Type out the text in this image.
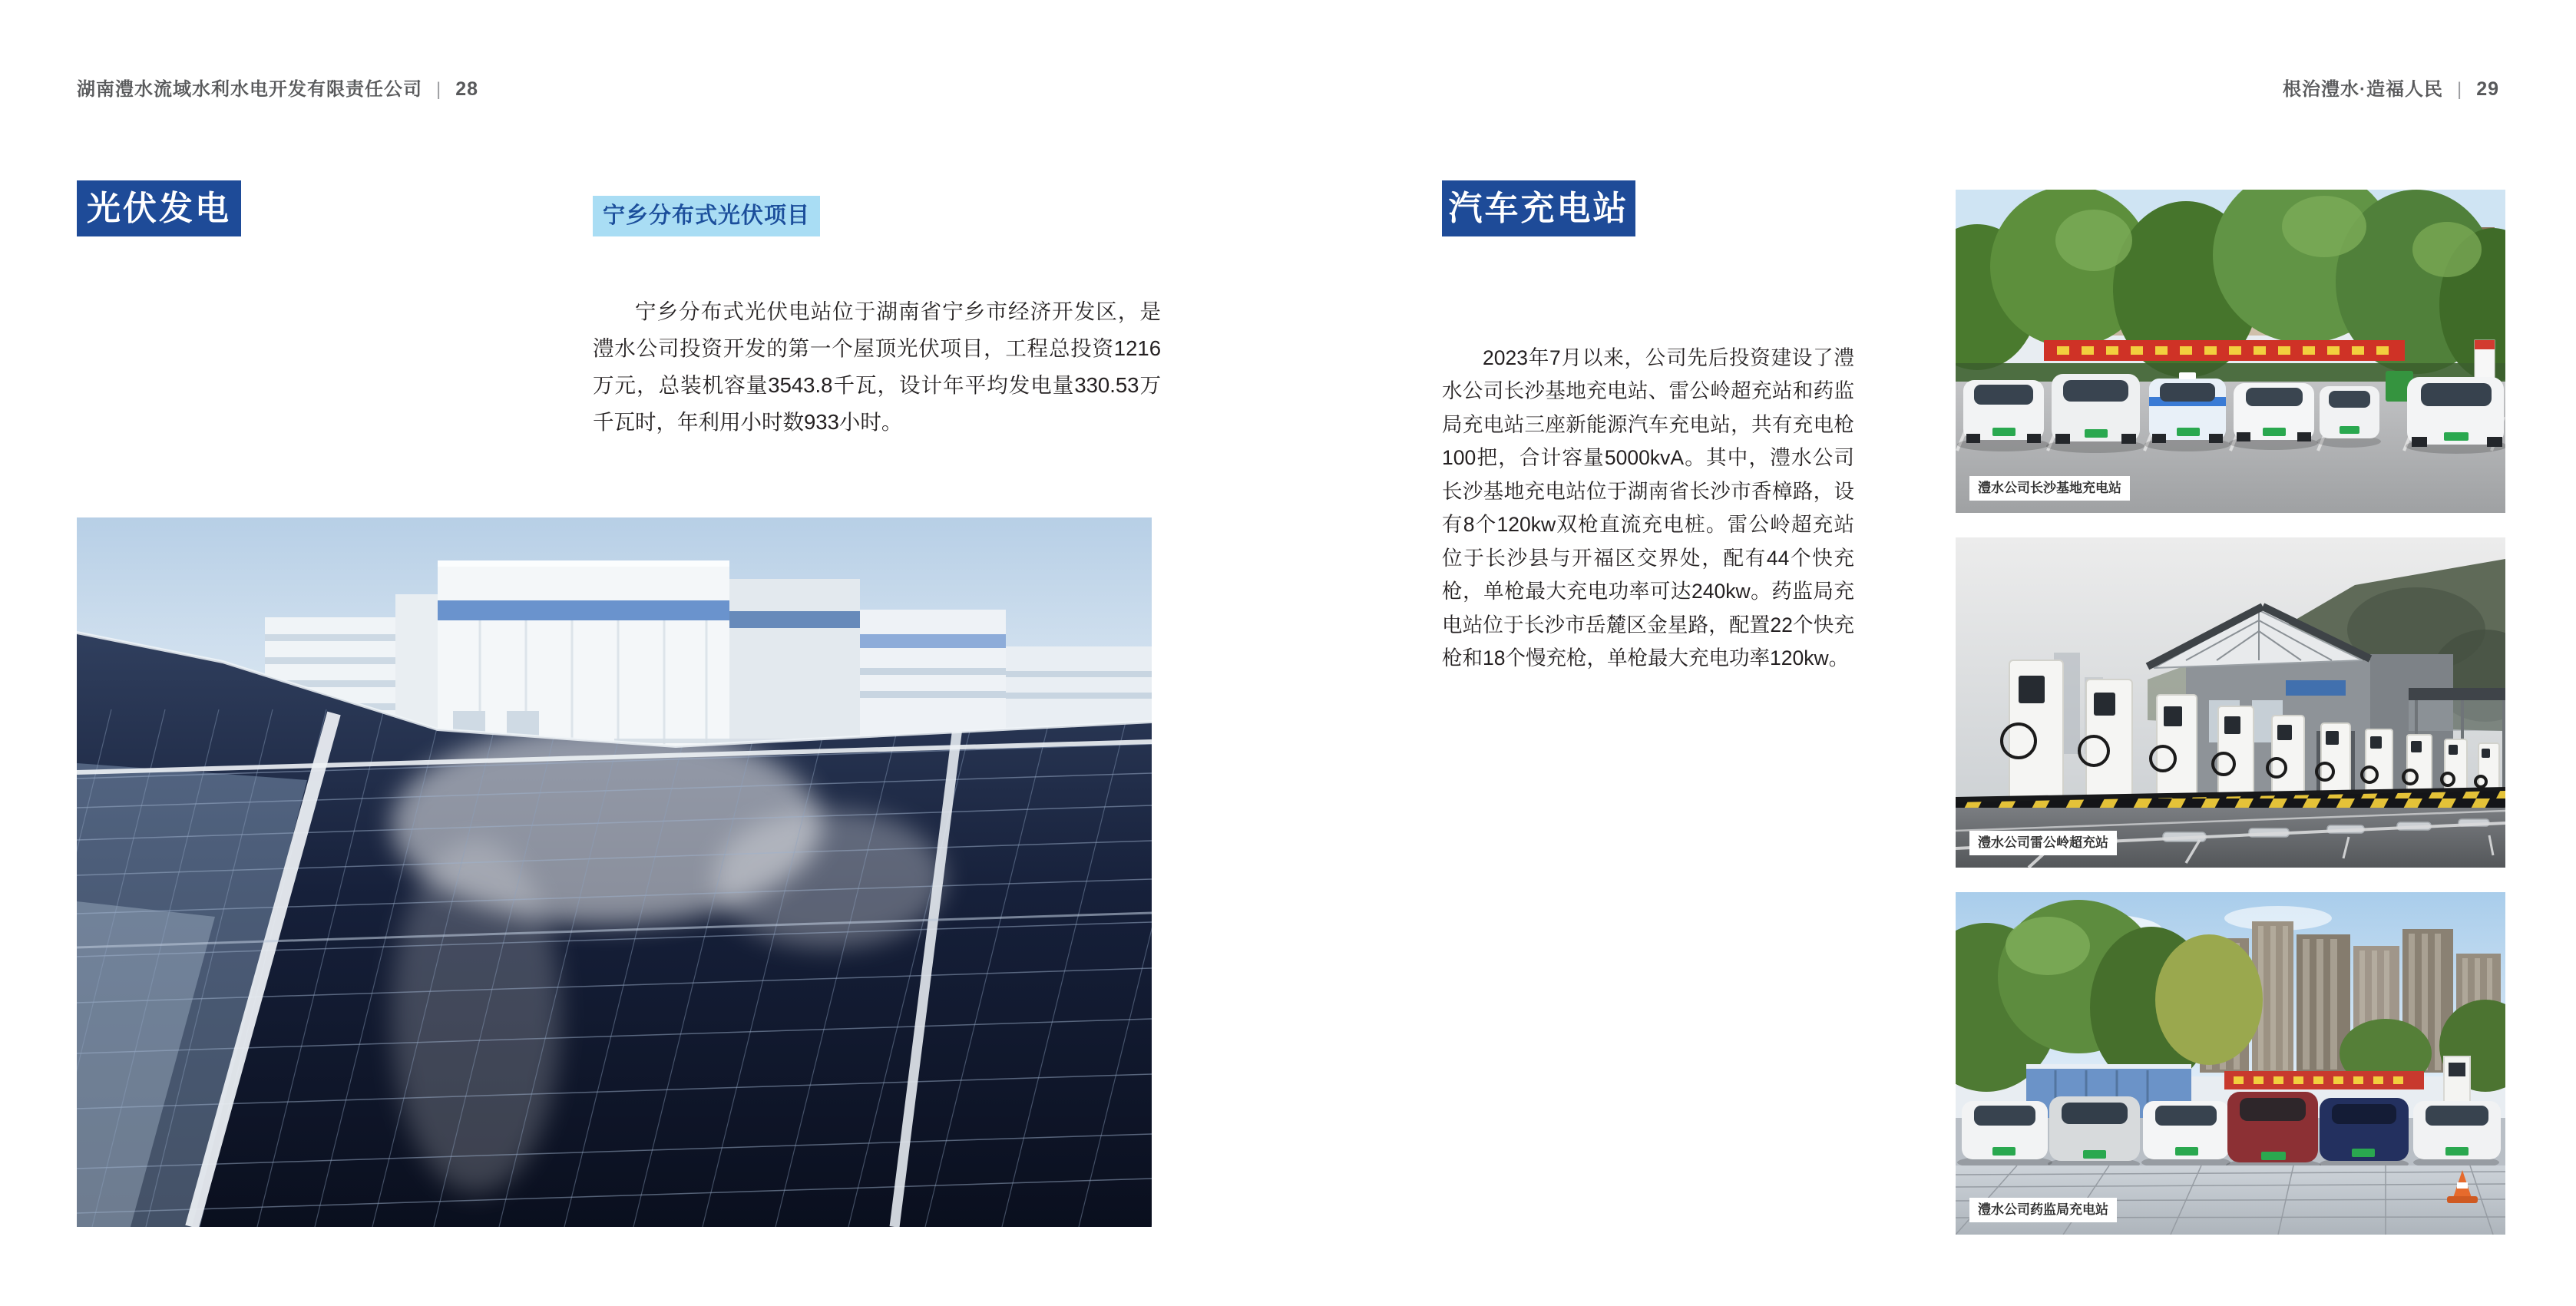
湖南澧水流域水利水电开发有限责任公司 | 28
光伏发电	宁乡分布式光伏项目

宁乡分布式光伏电站位于湖南省宁乡市经济开发区，是澧水公司投资开发的第一个屋顶光伏项目，工程总投资1216万元，总装机容量3543.8千瓦，设计年平均发电量330.53万千瓦时，年利用小时数933小时。

根治澧水·造福人民 | 29
汽车充电站

2023年7月以来，公司先后投资建设了澧水公司长沙基地充电站、雷公岭超充站和药监局充电站三座新能源汽车充电站，共有充电枪100把，合计容量5000kvA。其中，澧水公司长沙基地充电站位于湖南省长沙市香樟路，设有8个120kw双枪直流充电桩。雷公岭超充站位于长沙县与开福区交界处，配有44个快充枪，单枪最大充电功率可达240kw。药监局充电站位于长沙市岳麓区金星路，配置22个快充枪和18个慢充枪，单枪最大充电功率120kw。

澧水公司长沙基地充电站
澧水公司雷公岭超充站
澧水公司药监局充电站
